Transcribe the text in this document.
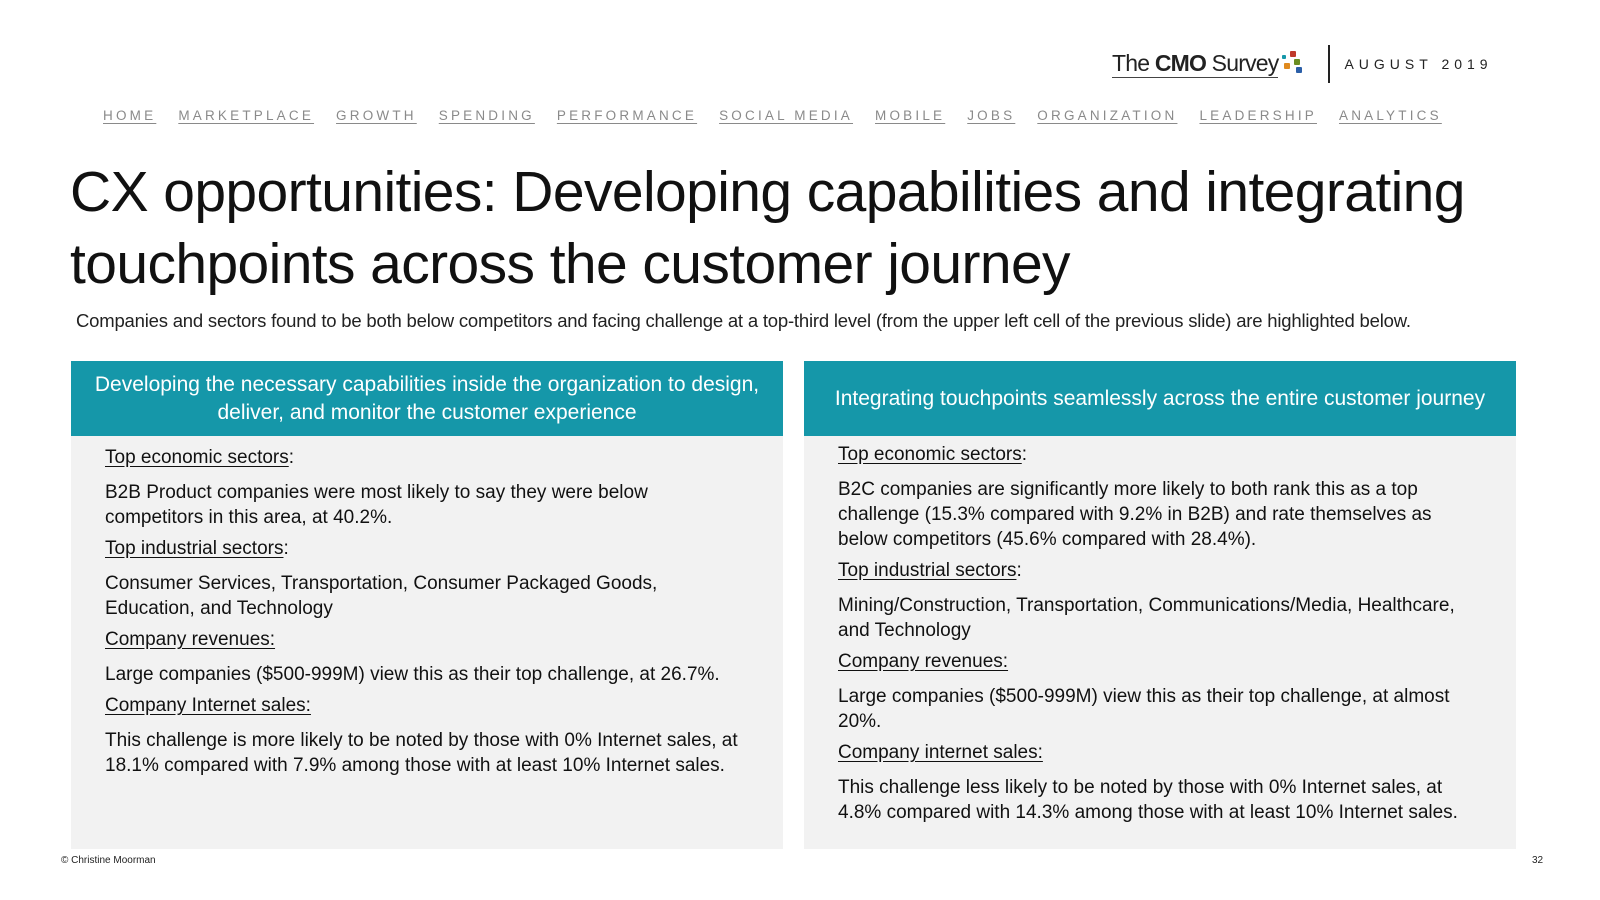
The CMO Survey	AUGUST 2019
HOME MARKETPLACE GROWTH SPENDING PERFORMANCE SOCIAL MEDIA MOBILE JOBS ORGANIZATION LEADERSHIP ANALYTICS
CX opportunities: Developing capabilities and integrating touchpoints across the customer journey
Companies and sectors found to be both below competitors and facing challenge at a top-third level (from the upper left cell of the previous slide) are highlighted below.
Developing the necessary capabilities inside the organization to design, deliver, and monitor the customer experience

Top economic sectors:

B2B Product companies were most likely to say they were below competitors in this area, at 40.2%.

Top industrial sectors:

Consumer Services, Transportation, Consumer Packaged Goods, Education, and Technology

Company revenues:

Large companies ($500-999M) view this as their top challenge, at 26.7%.

Company Internet sales:

This challenge is more likely to be noted by those with 0% Internet sales, at 18.1% compared with 7.9% among those with at least 10% Internet sales.

Integrating touchpoints seamlessly across the entire customer journey

Top economic sectors:

B2C companies are significantly more likely to both rank this as a top challenge (15.3% compared with 9.2% in B2B) and rate themselves as below competitors (45.6% compared with 28.4%).

Top industrial sectors:

Mining/Construction, Transportation, Communications/Media, Healthcare, and Technology

Company revenues:

Large companies ($500-999M) view this as their top challenge, at almost 20%.

Company internet sales:

This challenge less likely to be noted by those with 0% Internet sales, at 4.8% compared with 14.3% among those with at least 10% Internet sales.

© Christine Moorman	32
